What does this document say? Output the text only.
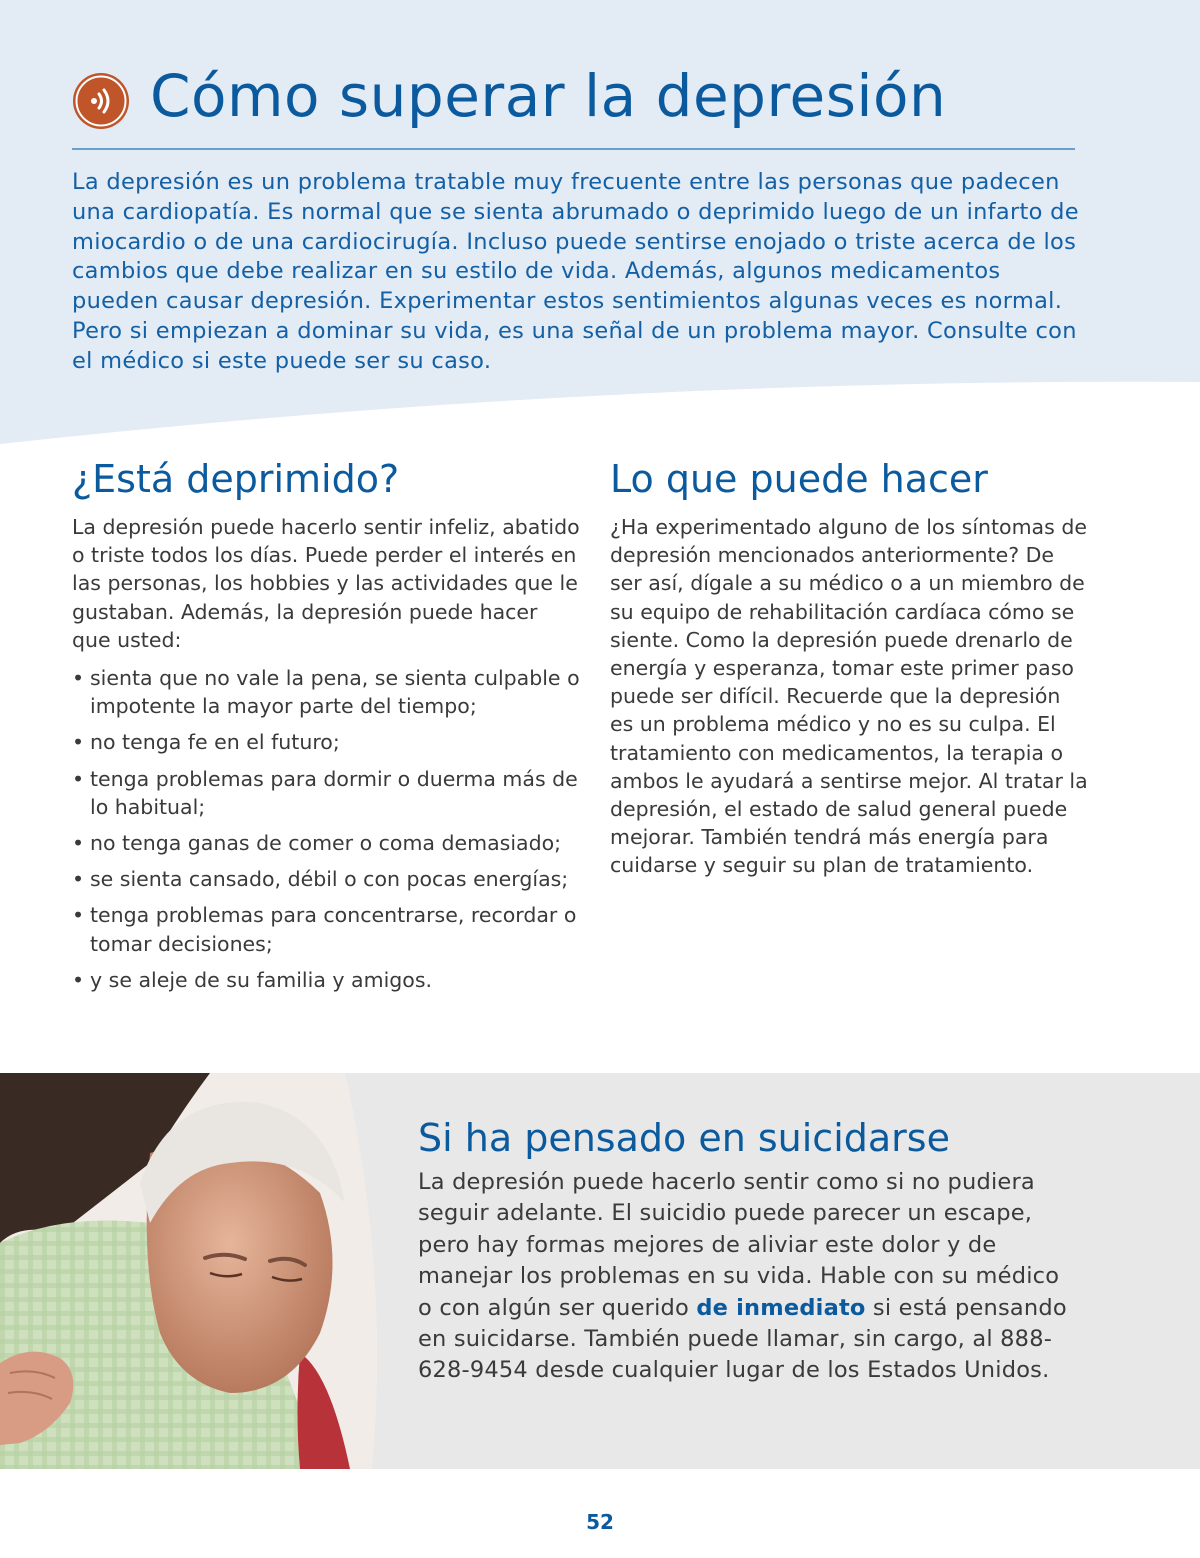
Cómo superar la depresión

La depresión es un problema tratable muy frecuente entre las personas que padecen una cardiopatía. Es normal que se sienta abrumado o deprimido luego de un infarto de miocardio o de una cardiocirugía. Incluso puede sentirse enojado o triste acerca de los cambios que debe realizar en su estilo de vida. Además, algunos medicamentos pueden causar depresión. Experimentar estos sentimientos algunas veces es normal. Pero si empiezan a dominar su vida, es una señal de un problema mayor. Consulte con el médico si este puede ser su caso.

¿Está deprimido?

La depresión puede hacerlo sentir infeliz, abatido o triste todos los días. Puede perder el interés en las personas, los hobbies y las actividades que le gustaban. Además, la depresión puede hacer que usted:

• sienta que no vale la pena, se sienta culpable o impotente la mayor parte del tiempo;
• no tenga fe en el futuro;
• tenga problemas para dormir o duerma más de lo habitual;
• no tenga ganas de comer o coma demasiado;
• se sienta cansado, débil o con pocas energías;
• tenga problemas para concentrarse, recordar o tomar decisiones;
• y se aleje de su familia y amigos.
Lo que puede hacer

¿Ha experimentado alguno de los síntomas de depresión mencionados anteriormente? De ser así, dígale a su médico o a un miembro de su equipo de rehabilitación cardíaca cómo se siente. Como la depresión puede drenarlo de energía y esperanza, tomar este primer paso puede ser difícil. Recuerde que la depresión es un problema médico y no es su culpa. El tratamiento con medicamentos, la terapia o ambos le ayudará a sentirse mejor. Al tratar la depresión, el estado de salud general puede mejorar. También tendrá más energía para cuidarse y seguir su plan de tratamiento.

Si ha pensado en suicidarse

La depresión puede hacerlo sentir como si no pudiera seguir adelante. El suicidio puede parecer un escape, pero hay formas mejores de aliviar este dolor y de manejar los problemas en su vida. Hable con su médico o con algún ser querido de inmediato si está pensando en suicidarse. También puede llamar, sin cargo, al 888-628-9454 desde cualquier lugar de los Estados Unidos.

52
